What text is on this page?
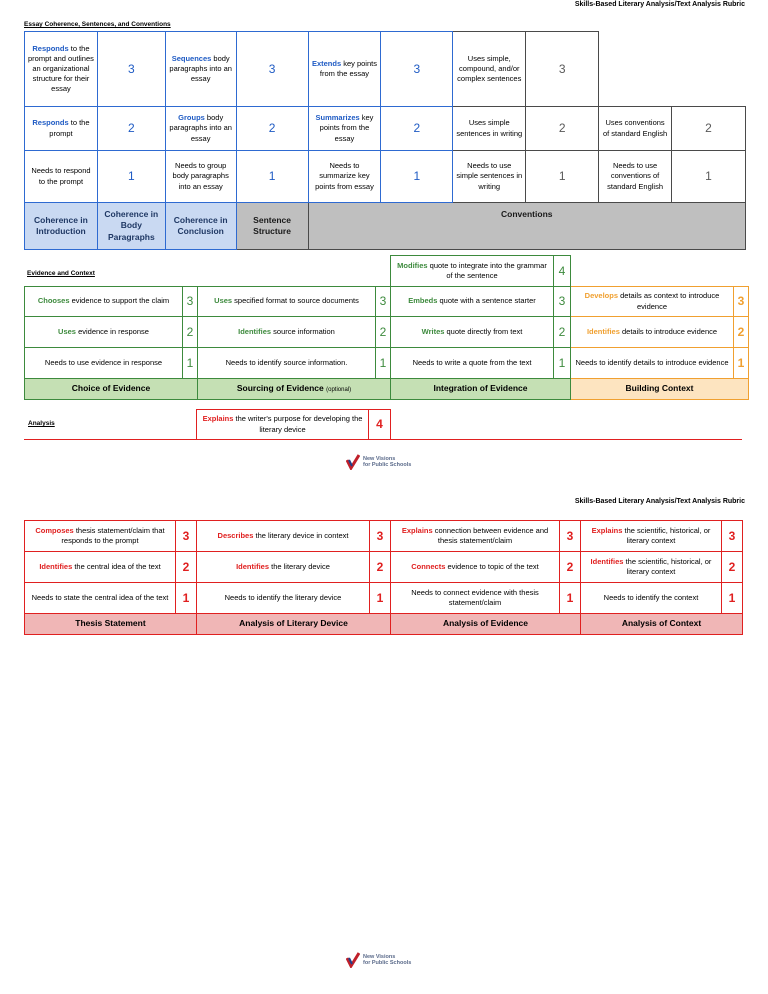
Skills-Based Literary Analysis/Text Analysis Rubric
Essay Coherence, Sentences, and Conventions
Responds to the prompt and outlines an organizational structure for their essay	3	Sequences body paragraphs into an essay	3	Extends key points from the essay	3	Uses simple, compound, and/or complex sentences	3		
Responds to the prompt	2	Groups body paragraphs into an essay	2	Summarizes key points from the essay	2	Uses simple sentences in writing	2	Uses conventions of standard English	2
Needs to respond to the prompt	1	Needs to group body paragraphs into an essay	1	Needs to summarize key points from essay	1	Needs to use simple sentences in writing	1	Needs to use conventions of standard English	1
Coherence in Introduction	Coherence in Body Paragraphs	Coherence in Conclusion	Sentence Structure	Conventions					
Evidence and Context
				Modifies quote to integrate into the grammar of the sentence	4		
Chooses evidence to support the claim	3	Uses specified format to source documents	3	Embeds quote with a sentence starter	3	Develops details as context to introduce evidence	3
Uses evidence in response	2	Identifies source information	2	Writes quote directly from text	2	Identifies details to introduce evidence	2
Needs to use evidence in response	1	Needs to identify source information.	1	Needs to write a quote from the text	1	Needs to identify details to introduce evidence	1
Choice of Evidence		Sourcing of Evidence (optional)		Integration of Evidence		Building Context	
Analysis
Explains the writer's purpose for developing the literary device	4
New Visions
for Public Schools
Skills-Based Literary Analysis/Text Analysis Rubric
Composes thesis statement/claim that responds to the prompt	3	Describes the literary device in context	3	Explains connection between evidence and thesis statement/claim	3	Explains the scientific, historical, or literary context	3
Identifies the central idea of the text	2	Identifies the literary device	2	Connects evidence to topic of the text	2	Identifies the scientific, historical, or literary context	2
Needs to state the central idea of the text	1	Needs to identify the literary device	1	Needs to connect evidence with thesis statement/claim	1	Needs to identify the context	1
Thesis Statement		Analysis of Literary Device		Analysis of Evidence		Analysis of Context	
New Visions
for Public Schools
